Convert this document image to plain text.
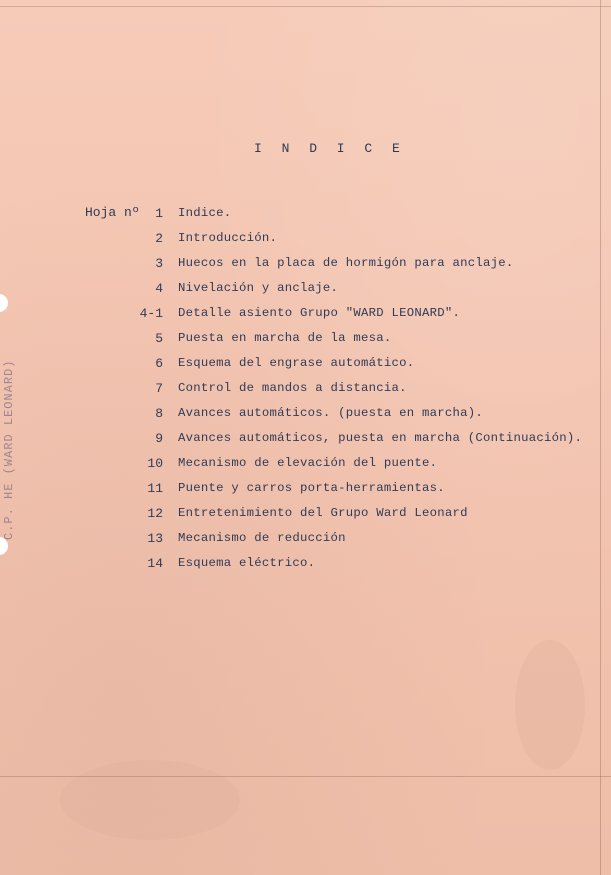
C.P. HE (WARD LEONARD)
I N D I C E
Hoja nº	1 Indice.
2 Introducción.
3 Huecos en la placa de hormigón para anclaje.
4 Nivelación y anclaje.
4-1 Detalle asiento Grupo "WARD LEONARD".
5 Puesta en marcha de la mesa.
6 Esquema del engrase automático.
7 Control de mandos a distancia.
8 Avances automáticos. (puesta en marcha).
9 Avances automáticos, puesta en marcha (Continuación).
10 Mecanismo de elevación del puente.
11 Puente y carros porta-herramientas.
12 Entretenimiento del Grupo Ward Leonard
13 Mecanismo de reducción
14 Esquema eléctrico.
